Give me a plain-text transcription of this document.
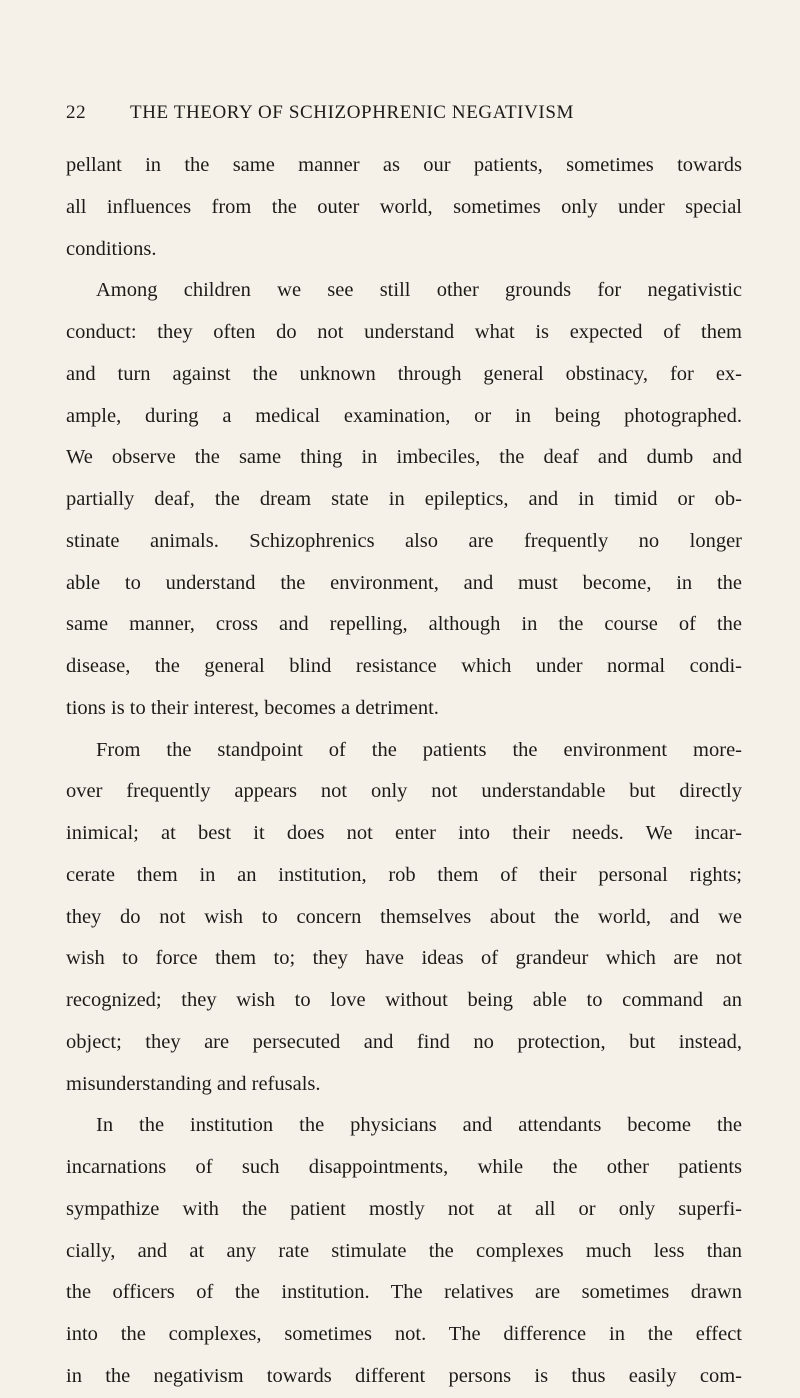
22 THE THEORY OF SCHIZOPHRENIC NEGATIVISM
pellant in the same manner as our patients, sometimes towards
all influences from the outer world, sometimes only under special
conditions.
Among children we see still other grounds for negativistic
conduct: they often do not understand what is expected of them
and turn against the unknown through general obstinacy, for ex-
ample, during a medical examination, or in being photographed.
We observe the same thing in imbeciles, the deaf and dumb and
partially deaf, the dream state in epileptics, and in timid or ob-
stinate animals. Schizophrenics also are frequently no longer
able to understand the environment, and must become, in the
same manner, cross and repelling, although in the course of the
disease, the general blind resistance which under normal condi-
tions is to their interest, becomes a detriment.
From the standpoint of the patients the environment more-
over frequently appears not only not understandable but directly
inimical; at best it does not enter into their needs. We incar-
cerate them in an institution, rob them of their personal rights;
they do not wish to concern themselves about the world, and we
wish to force them to; they have ideas of grandeur which are not
recognized; they wish to love without being able to command an
object; they are persecuted and find no protection, but instead,
misunderstanding and refusals.
In the institution the physicians and attendants become the
incarnations of such disappointments, while the other patients
sympathize with the patient mostly not at all or only superfi-
cially, and at any rate stimulate the complexes much less than
the officers of the institution. The relatives are sometimes drawn
into the complexes, sometimes not. The difference in the effect
in the negativism towards different persons is thus easily com-
